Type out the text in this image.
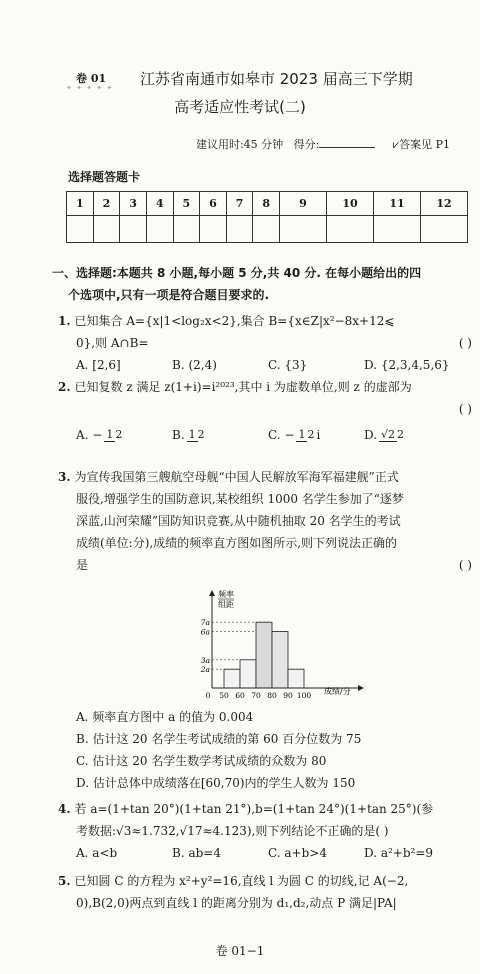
卷 01
✦ ✦ ✦ ✦ ✦ 江苏省南通市如皋市 2023 届高三下学期
高考适应性考试(二)
建议用时:45 分钟 得分:	⩗答案见 P1
选择题答题卡
1	2	3	4	5	6	7	8	9	10	11	12

一、选择题:本题共 8 小题,每小题 5 分,共 40 分. 在每小题给出的四
个选项中,只有一项是符合题目要求的.
1. 已知集合 A={x|1<log₂x<2},集合 B={x∈Z|x²−8x+12⩽
0},则 A∩B=	( )
A. [2,6]	B. (2,4)	C. {3}	D. {2,3,4,5,6}
2. 已知复数 z 满足 z(1+i)=i²⁰²³,其中 i 为虚数单位,则 z 的虚部为
( )
A. − 1 2	B.1 2	C. − 1 2 i	D.√2 2
3. 为宣传我国第三艘航空母舰“中国人民解放军海军福建舰”正式
服役,增强学生的国防意识,某校组织 1000 名学生参加了“逐梦
深蓝,山河荣耀”国防知识竞赛,从中随机抽取 20 名学生的考试
成绩(单位:分),成绩的频率直方图如图所示,则下列说法正确的
是	( )
频率
组距
成绩/分
0 50 60 70 80 90 100
7a
6a
3a
2a
A. 频率直方图中 a 的值为 0.004
B. 估计这 20 名学生考试成绩的第 60 百分位数为 75
C. 估计这 20 名学生数学考试成绩的众数为 80
D. 估计总体中成绩落在[60,70)内的学生人数为 150
4. 若 a=(1+tan 20°)(1+tan 21°),b=(1+tan 24°)(1+tan 25°)(参
考数据:√3≈1.732,√17≈4.123),则下列结论不正确的是( )
A. a<b	B. ab=4	C. a+b>4	D. a²+b²=9
5. 已知圆 C 的方程为 x²+y²=16,直线 l 为圆 C 的切线,记 A(−2,
0),B(2,0)两点到直线 l 的距离分别为 d₁,d₂,动点 P 满足|PA|
卷 01−1
